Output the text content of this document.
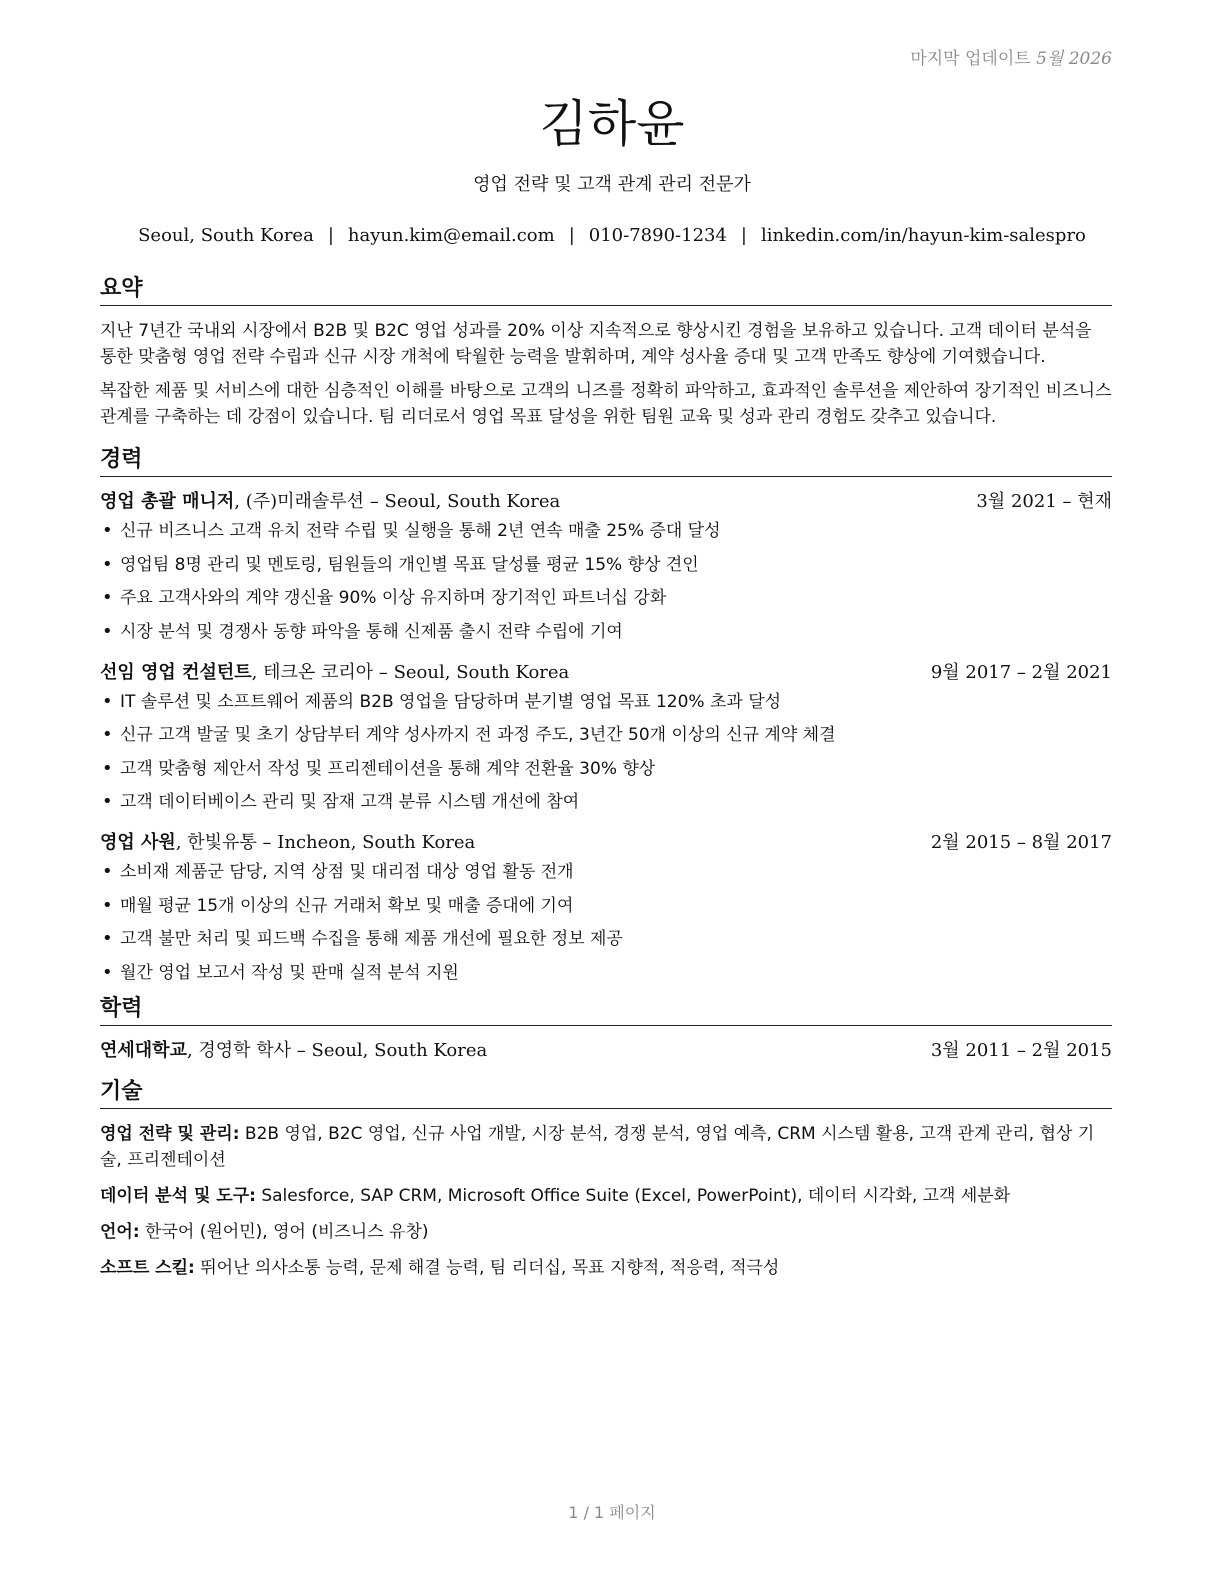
마지막 업데이트 5월 2026
김하윤
영업 전략 및 고객 관계 관리 전문가
Seoul, South Korea | hayun.kim@email.com | 010-7890-1234 | linkedin.com/in/hayun-kim-salespro
요약

지난 7년간 국내외 시장에서 B2B 및 B2C 영업 성과를 20% 이상 지속적으로 향상시킨 경험을 보유하고 있습니다. 고객 데이터 분석을 통한 맞춤형 영업 전략 수립과 신규 시장 개척에 탁월한 능력을 발휘하며, 계약 성사율 증대 및 고객 만족도 향상에 기여했습니다.

복잡한 제품 및 서비스에 대한 심층적인 이해를 바탕으로 고객의 니즈를 정확히 파악하고, 효과적인 솔루션을 제안하여 장기적인 비즈니스 관계를 구축하는 데 강점이 있습니다. 팀 리더로서 영업 목표 달성을 위한 팀원 교육 및 성과 관리 경험도 갖추고 있습니다.

경력
영업 총괄 매니저, (주)미래솔루션 – Seoul, South Korea	3월 2021 – 현재
• 신규 비즈니스 고객 유치 전략 수립 및 실행을 통해 2년 연속 매출 25% 증대 달성
• 영업팀 8명 관리 및 멘토링, 팀원들의 개인별 목표 달성률 평균 15% 향상 견인
• 주요 고객사와의 계약 갱신율 90% 이상 유지하며 장기적인 파트너십 강화
• 시장 분석 및 경쟁사 동향 파악을 통해 신제품 출시 전략 수립에 기여
선임 영업 컨설턴트, 테크온 코리아 – Seoul, South Korea	9월 2017 – 2월 2021
• IT 솔루션 및 소프트웨어 제품의 B2B 영업을 담당하며 분기별 영업 목표 120% 초과 달성
• 신규 고객 발굴 및 초기 상담부터 계약 성사까지 전 과정 주도, 3년간 50개 이상의 신규 계약 체결
• 고객 맞춤형 제안서 작성 및 프리젠테이션을 통해 계약 전환율 30% 향상
• 고객 데이터베이스 관리 및 잠재 고객 분류 시스템 개선에 참여
영업 사원, 한빛유통 – Incheon, South Korea	2월 2015 – 8월 2017
• 소비재 제품군 담당, 지역 상점 및 대리점 대상 영업 활동 전개
• 매월 평균 15개 이상의 신규 거래처 확보 및 매출 증대에 기여
• 고객 불만 처리 및 피드백 수집을 통해 제품 개선에 필요한 정보 제공
• 월간 영업 보고서 작성 및 판매 실적 분석 지원
학력
연세대학교, 경영학 학사 – Seoul, South Korea	3월 2011 – 2월 2015
기술
영업 전략 및 관리: B2B 영업, B2C 영업, 신규 사업 개발, 시장 분석, 경쟁 분석, 영업 예측, CRM 시스템 활용, 고객 관계 관리, 협상 기술, 프리젠테이션
데이터 분석 및 도구: Salesforce, SAP CRM, Microsoft Office Suite (Excel, PowerPoint), 데이터 시각화, 고객 세분화
언어: 한국어 (원어민), 영어 (비즈니스 유창)
소프트 스킬: 뛰어난 의사소통 능력, 문제 해결 능력, 팀 리더십, 목표 지향적, 적응력, 적극성
1 / 1 페이지
